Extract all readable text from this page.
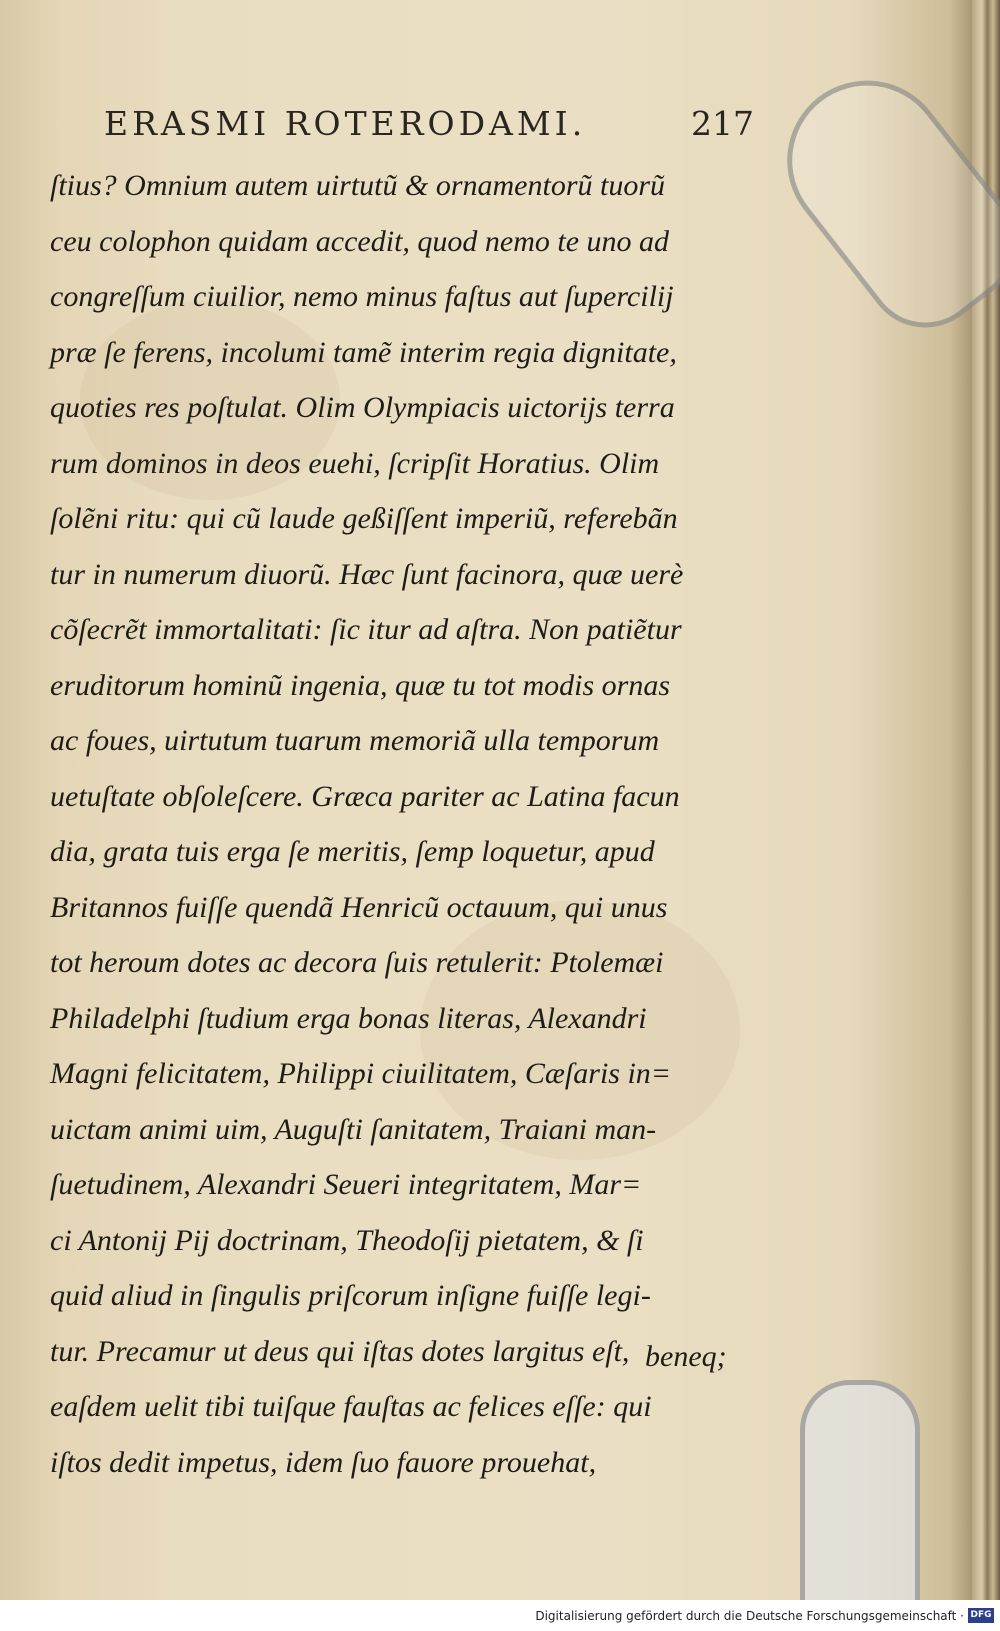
ERASMI ROTERODAMI.	217
ſtius? Omnium autem uirtutũ & ornamentorũ tuorũ
ceu colophon quidam accedit, quod nemo te uno ad
congreſſum ciuilior, nemo minus faſtus aut ſupercilij
præ ſe ferens, incolumi tamẽ interim regia dignitate,
quoties res poſtulat. Olim Olympiacis uictorijs terra
rum dominos in deos euehi, ſcripſit Horatius. Olim
ſolẽni ritu: qui cũ laude geßiſſent imperiũ, referebãn
tur in numerum diuorũ. Hæc ſunt facinora, quæ uerè
cõſecrẽt immortalitati: ſic itur ad aſtra. Non patiẽtur
eruditorum hominũ ingenia, quæ tu tot modis ornas
ac foues, uirtutum tuarum memoriã ulla temporum
uetuſtate obſoleſcere. Græca pariter ac Latina facun
dia, grata tuis erga ſe meritis, ſemp loquetur, apud
Britannos fuiſſe quendã Henricũ octauum, qui unus
tot heroum dotes ac decora ſuis retulerit: Ptolemæi
Philadelphi ſtudium erga bonas literas, Alexandri
Magni felicitatem, Philippi ciuilitatem, Cæſaris in=
uictam animi uim, Auguſti ſanitatem, Traiani man-
ſuetudinem, Alexandri Seueri integritatem, Mar=
ci Antonij Pij doctrinam, Theodoſij pietatem, & ſi
quid aliud in ſingulis priſcorum inſigne fuiſſe legi-
tur. Precamur ut deus qui iſtas dotes largitus eſt,
eaſdem uelit tibi tuiſque fauſtas ac felices eſſe: qui
iſtos dedit impetus, idem ſuo fauore prouehat,
beneq;
Digitalisierung gefördert durch die Deutsche Forschungsgemeinschaft · DFG
